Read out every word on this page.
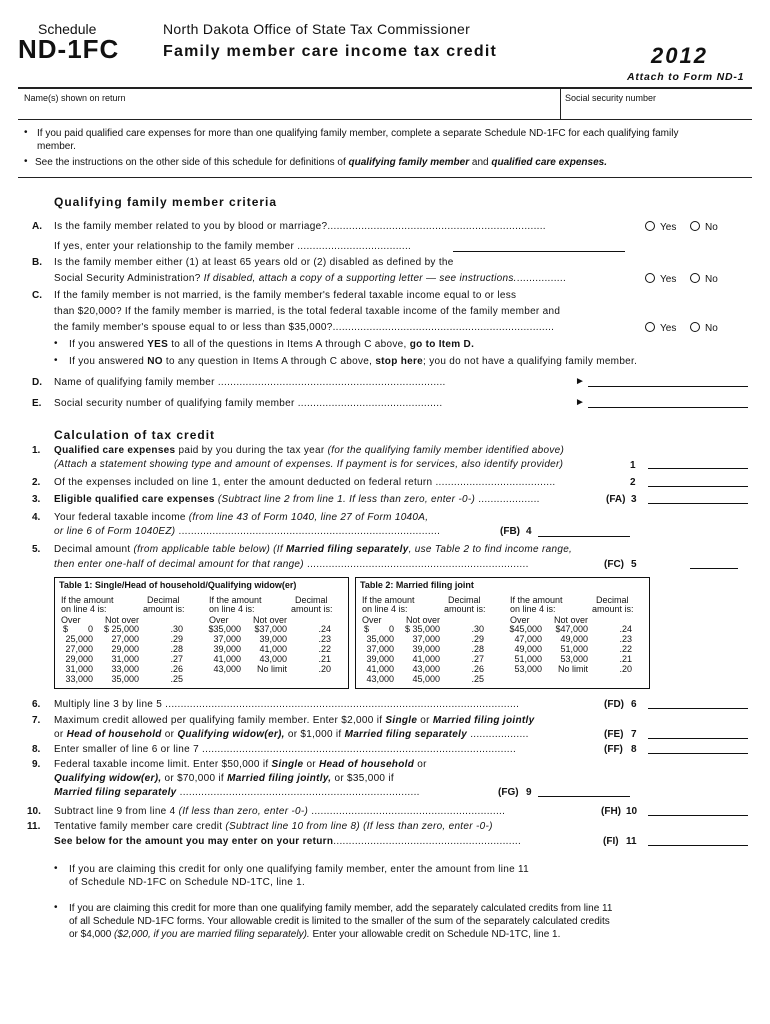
Schedule
ND-1FC
North Dakota Office of State Tax Commissioner
Family member care income tax credit	2012
Attach to Form ND-1
Name(s) shown on return	Social security number
• If you paid qualified care expenses for more than one qualifying family member, complete a separate Schedule ND-1FC for each qualifying family
member.
• See the instructions on the other side of this schedule for definitions of qualifying family member and qualified care expenses.
Qualifying family member criteria
A. Is the family member related to you by blood or marriage?.......................................................................	Yes	No
If yes, enter your relationship to the family member .....................................
B. Is the family member either (1) at least 65 years old or (2) disabled as defined by the
Social Security Administration? If disabled, attach a copy of a supporting letter — see instructions.................	Yes	No
C. If the family member is not married, is the family member's federal taxable income equal to or less
than $20,000? If the family member is married, is the total federal taxable income of the family member and
the family member's spouse equal to or less than $35,000?........................................................................	Yes	No
• If you answered YES to all of the questions in Items A through C above, go to Item D.
• If you answered NO to any question in Items A through C above, stop here; you do not have a qualifying family member.
D. Name of qualifying family member ..........................................................................	►
E. Social security number of qualifying family member ...............................................	►
Calculation of tax credit
1. Qualified care expenses paid by you during the tax year (for the qualifying family member identified above)
(Attach a statement showing type and amount of expenses. If payment is for services, also identify provider)	1
2. Of the expenses included on line 1, enter the amount deducted on federal return .......................................	2
3. Eligible qualified care expenses (Subtract line 2 from line 1. If less than zero, enter -0-) ....................	(FA) 3
4. Your federal taxable income (from line 43 of Form 1040, line 27 of Form 1040A,
or line 6 of Form 1040EZ) .....................................................................................	(FB) 4
5. Decimal amount (from applicable table below) (If Married filing separately, use Table 2 to find income range,
then enter one-half of decimal amount for that range) ........................................................................	(FC) 5
Table 1: Single/Head of household/Qualifying widow(er)
If the amount
on line 4 is:
Decimal
amount is:
Over	Not over
If the amount
on line 4 is:
Decimal
amount is:
Over	Not over
$        0 $ 25,000	.30
25,000 27,000	.29
27,000 29,000	.28
29,000 31,000	.27
31,000 33,000	.26
33,000 35,000	.25
$35,000 $37,000	.24
37,000 39,000	.23
39,000 41,000	.22
41,000 43,000	.21
43,000 No limit	.20
Table 2: Married filing joint
If the amount
on line 4 is:
Decimal
amount is:
Over	Not over
If the amount
on line 4 is:
Decimal
amount is:
Over	Not over
$        0 $ 35,000	.30
35,000 37,000	.29
37,000 39,000	.28
39,000 41,000	.27
41,000 43,000	.26
43,000 45,000	.25
$45,000 $47,000	.24
47,000 49,000	.23
49,000 51,000	.22
51,000 53,000	.21
53,000 No limit	.20
6. Multiply line 3 by line 5 ...................................................................................................................	(FD) 6
7. Maximum credit allowed per qualifying family member. Enter $2,000 if Single or Married filing jointly
or Head of household or Qualifying widow(er), or $1,000 if Married filing separately ...................	(FE) 7
8. Enter smaller of line 6 or line 7 ......................................................................................................	(FF) 8
9. Federal taxable income limit. Enter $50,000 if Single or Head of household or
Qualifying widow(er), or $70,000 if Married filing jointly, or $35,000 if
Married filing separately ..............................................................................	(FG) 9
10. Subtract line 9 from line 4 (If less than zero, enter -0-) ...............................................................	(FH) 10
11. Tentative family member care credit (Subtract line 10 from line 8) (If less than zero, enter -0-)
See below for the amount you may enter on your return.............................................................	(FI) 11
• If you are claiming this credit for only one qualifying family member, enter the amount from line 11
of Schedule ND-1FC on Schedule ND-1TC, line 1.
• If you are claiming this credit for more than one qualifying family member, add the separately calculated credits from line 11
of all Schedule ND-1FC forms. Your allowable credit is limited to the smaller of the sum of the separately calculated credits
or $4,000 ($2,000, if you are married filing separately). Enter your allowable credit on Schedule ND-1TC, line 1.
